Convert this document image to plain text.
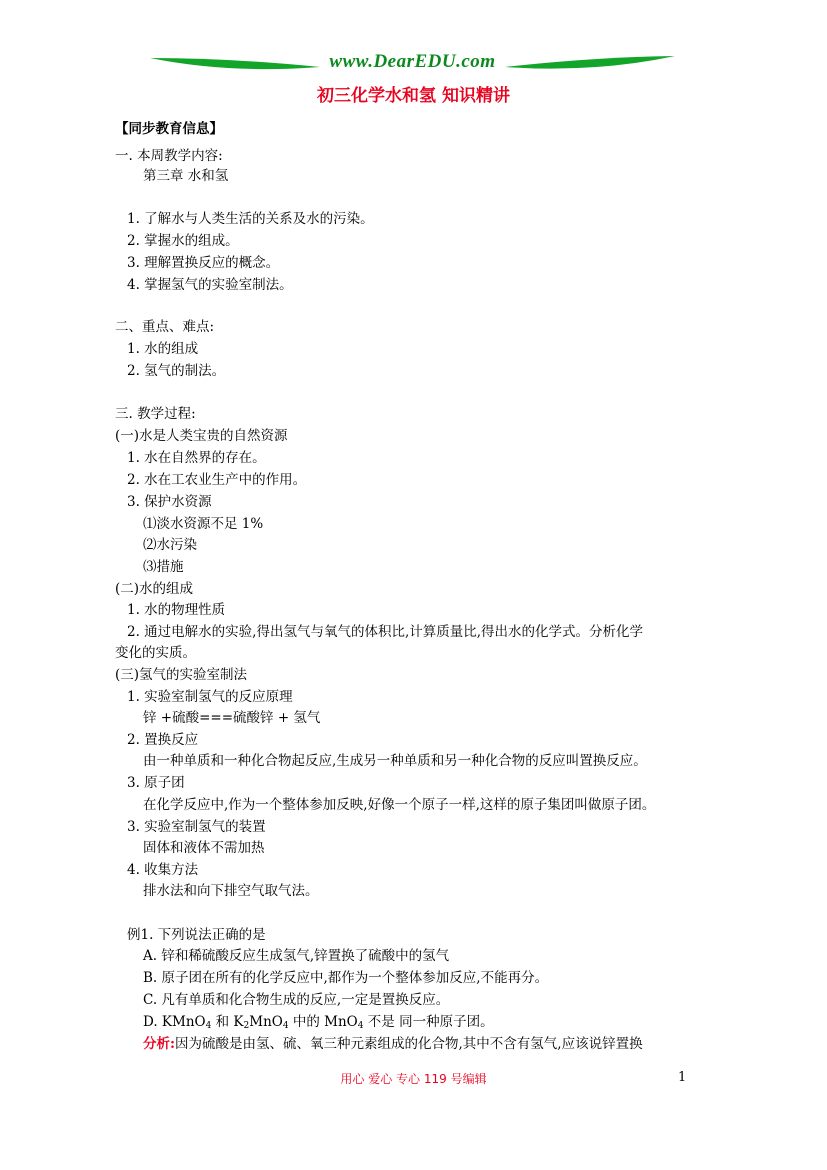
www.DearEDU.com
初三化学水和氢 知识精讲
【同步教育信息】
一. 本周教学内容:
第三章 水和氢
1. 了解水与人类生活的关系及水的污染。
2. 掌握水的组成。
3. 理解置换反应的概念。
4. 掌握氢气的实验室制法。
二、重点、难点:
1. 水的组成
2. 氢气的制法。
三. 教学过程:
(一)水是人类宝贵的自然资源
1. 水在自然界的存在。
2. 水在工农业生产中的作用。
3. 保护水资源
⑴淡水资源不足 1%
⑵水污染
⑶措施
(二)水的组成
1. 水的物理性质
2. 通过电解水的实验,得出氢气与氧气的体积比,计算质量比,得出水的化学式。分析化学
变化的实质。
(三)氢气的实验室制法
1. 实验室制氢气的反应原理
锌 +硫酸===硫酸锌 + 氢气
2. 置换反应
由一种单质和一种化合物起反应,生成另一种单质和另一种化合物的反应叫置换反应。
3. 原子团
在化学反应中,作为一个整体参加反映,好像一个原子一样,这样的原子集团叫做原子团。
3. 实验室制氢气的装置
固体和液体不需加热
4. 收集方法
排水法和向下排空气取气法。
例1. 下列说法正确的是
A. 锌和稀硫酸反应生成氢气,锌置换了硫酸中的氢气
B. 原子团在所有的化学反应中,都作为一个整体参加反应,不能再分。
C. 凡有单质和化合物生成的反应,一定是置换反应。
D. KMnO$_4$ 和 $K_2MnO_4$ 中的 MnO$_4$ 不是 同一种原子团。
分析:因为硫酸是由氢、硫、氧三种元素组成的化合物,其中不含有氢气,应该说锌置换
用心 爱心 专心 119 号编辑	1
